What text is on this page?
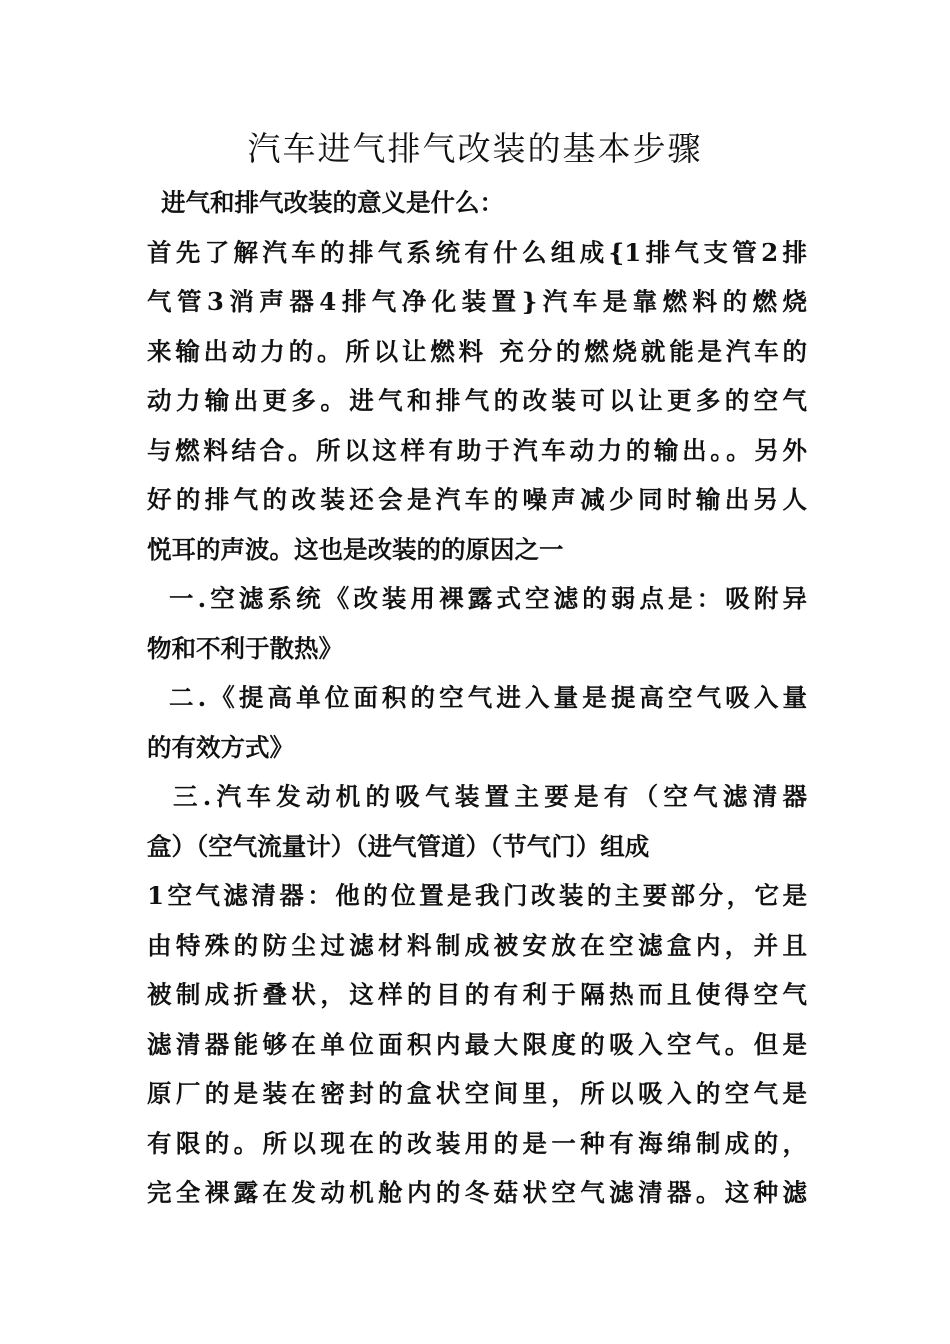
汽车进气排气改装的基本步骤
进气和排气改装的意义是什么：
首先了解汽车的排气系统有什么组成{1排气支管2排
气管3消声器4排气净化装置}汽车是靠燃料的燃烧
来输出动力的。所以让燃料 充分的燃烧就能是汽车的
动力输出更多。进气和排气的改装可以让更多的空气
与燃料结合。所以这样有助于汽车动力的输出。。另外
好的排气的改装还会是汽车的噪声减少同时输出另人
悦耳的声波。这也是改装的的原因之一
一.空滤系统《改装用裸露式空滤的弱点是：吸附异
物和不利于散热》
二.《提高单位面积的空气进入量是提高空气吸入量
的有效方式》
三.汽车发动机的吸气装置主要是有（空气滤清器
盒）（空气流量计）（进气管道）（节气门）组成
1空气滤清器：他的位置是我门改装的主要部分，它是
由特殊的防尘过滤材料制成被安放在空滤盒内，并且
被制成折叠状，这样的目的有利于隔热而且使得空气
滤清器能够在单位面积内最大限度的吸入空气。但是
原厂的是装在密封的盒状空间里，所以吸入的空气是
有限的。所以现在的改装用的是一种有海绵制成的，
完全裸露在发动机舱内的冬菇状空气滤清器。这种滤
